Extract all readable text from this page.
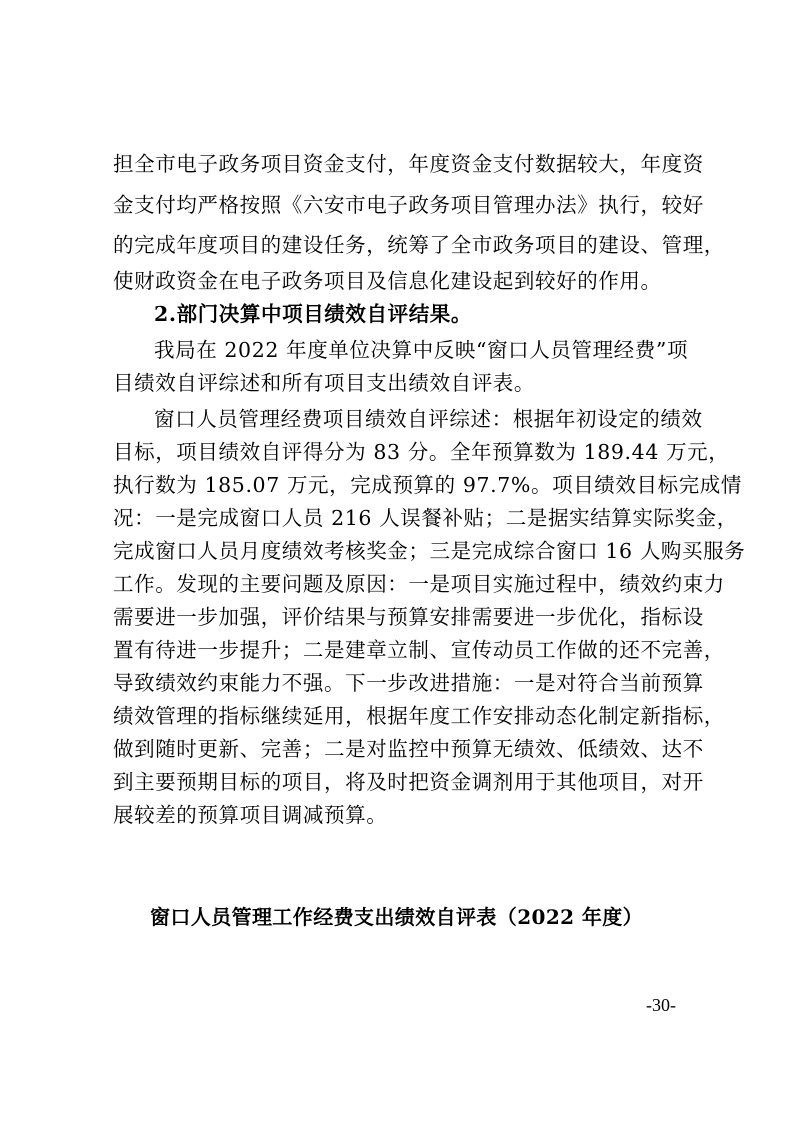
担全市电子政务项目资金支付，年度资金支付数据较大，年度资
金支付均严格按照《六安市电子政务项目管理办法》执行，较好
的完成年度项目的建设任务，统筹了全市政务项目的建设、管理，
使财政资金在电子政务项目及信息化建设起到较好的作用。
2.部门决算中项目绩效自评结果。
我局在 2022 年度单位决算中反映“窗口人员管理经费”项
目绩效自评综述和所有项目支出绩效自评表。
窗口人员管理经费项目绩效自评综述：根据年初设定的绩效
目标，项目绩效自评得分为 83 分。全年预算数为 189.44 万元，
执行数为 185.07 万元，完成预算的 97.7%。项目绩效目标完成情
况：一是完成窗口人员 216 人误餐补贴；二是据实结算实际奖金，
完成窗口人员月度绩效考核奖金；三是完成综合窗口 16 人购买服务
工作。发现的主要问题及原因：一是项目实施过程中，绩效约束力
需要进一步加强，评价结果与预算安排需要进一步优化，指标设
置有待进一步提升；二是建章立制、宣传动员工作做的还不完善，
导致绩效约束能力不强。下一步改进措施：一是对符合当前预算
绩效管理的指标继续延用，根据年度工作安排动态化制定新指标，
做到随时更新、完善；二是对监控中预算无绩效、低绩效、达不
到主要预期目标的项目，将及时把资金调剂用于其他项目，对开
展较差的预算项目调减预算。
窗口人员管理工作经费支出绩效自评表（2022 年度）
-30-
